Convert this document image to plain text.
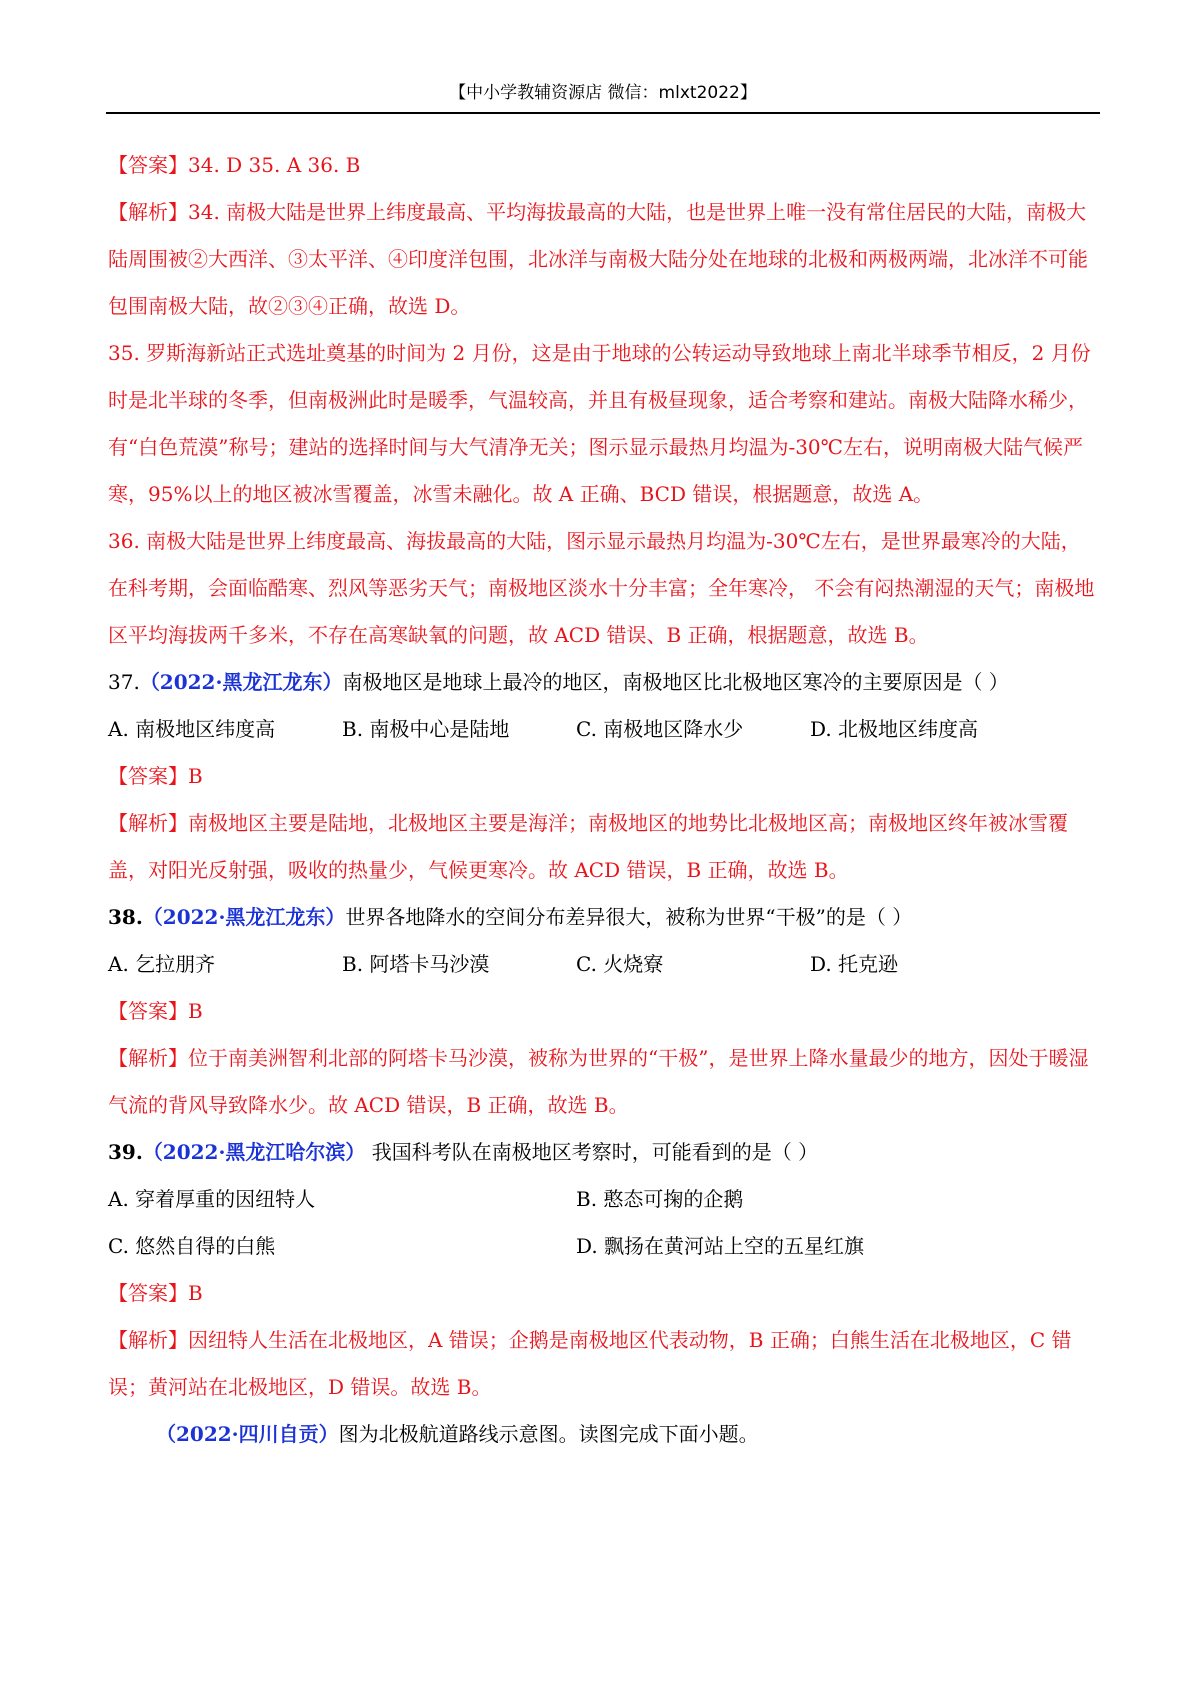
【中小学教辅资源店 微信：mlxt2022】

【答案】34. D 35. A 36. B

【解析】34. 南极大陆是世界上纬度最高、平均海拔最高的大陆，也是世界上唯一没有常住居民的大陆，南极大陆周围被②大西洋、③太平洋、④印度洋包围，北冰洋与南极大陆分处在地球的北极和两极两端，北冰洋不可能包围南极大陆，故②③④正确，故选 D。

35. 罗斯海新站正式选址奠基的时间为 2 月份，这是由于地球的公转运动导致地球上南北半球季节相反，2 月份时是北半球的冬季，但南极洲此时是暖季，气温较高，并且有极昼现象，适合考察和建站。南极大陆降水稀少，有“白色荒漠”称号；建站的选择时间与大气清净无关；图示显示最热月均温为-30℃左右，说明南极大陆气候严寒，95%以上的地区被冰雪覆盖，冰雪未融化。故 A 正确、BCD 错误，根据题意，故选 A。

36. 南极大陆是世界上纬度最高、海拔最高的大陆，图示显示最热月均温为-30℃左右，是世界最寒冷的大陆，在科考期，会面临酷寒、烈风等恶劣天气；南极地区淡水十分丰富；全年寒冷， 不会有闷热潮湿的天气；南极地区平均海拔两千多米，不存在高寒缺氧的问题，故 ACD 错误、B 正确，根据题意，故选 B。

37.（2022·黑龙江龙东）南极地区是地球上最冷的地区，南极地区比北极地区寒冷的主要原因是（ ）

A. 南极地区纬度高	B. 南极中心是陆地	C. 南极地区降水少	D. 北极地区纬度高

【答案】B

【解析】南极地区主要是陆地，北极地区主要是海洋；南极地区的地势比北极地区高；南极地区终年被冰雪覆盖，对阳光反射强，吸收的热量少，气候更寒冷。故 ACD 错误，B 正确，故选 B。

38.（2022·黑龙江龙东）世界各地降水的空间分布差异很大，被称为世界“干极”的是（ ）

A. 乞拉朋齐	B. 阿塔卡马沙漠	C. 火烧寮	D. 托克逊

【答案】B

【解析】位于南美洲智利北部的阿塔卡马沙漠，被称为世界的“干极”，是世界上降水量最少的地方，因处于暖湿气流的背风导致降水少。故 ACD 错误，B 正确，故选 B。

39.（2022·黑龙江哈尔滨） 我国科考队在南极地区考察时，可能看到的是（ ）

A. 穿着厚重的因纽特人	B. 憨态可掬的企鹅

C. 悠然自得的白熊	D. 飘扬在黄河站上空的五星红旗

【答案】B

【解析】因纽特人生活在北极地区，A 错误；企鹅是南极地区代表动物，B 正确；白熊生活在北极地区，C 错误；黄河站在北极地区，D 错误。故选 B。

（2022·四川自贡）图为北极航道路线示意图。读图完成下面小题。
